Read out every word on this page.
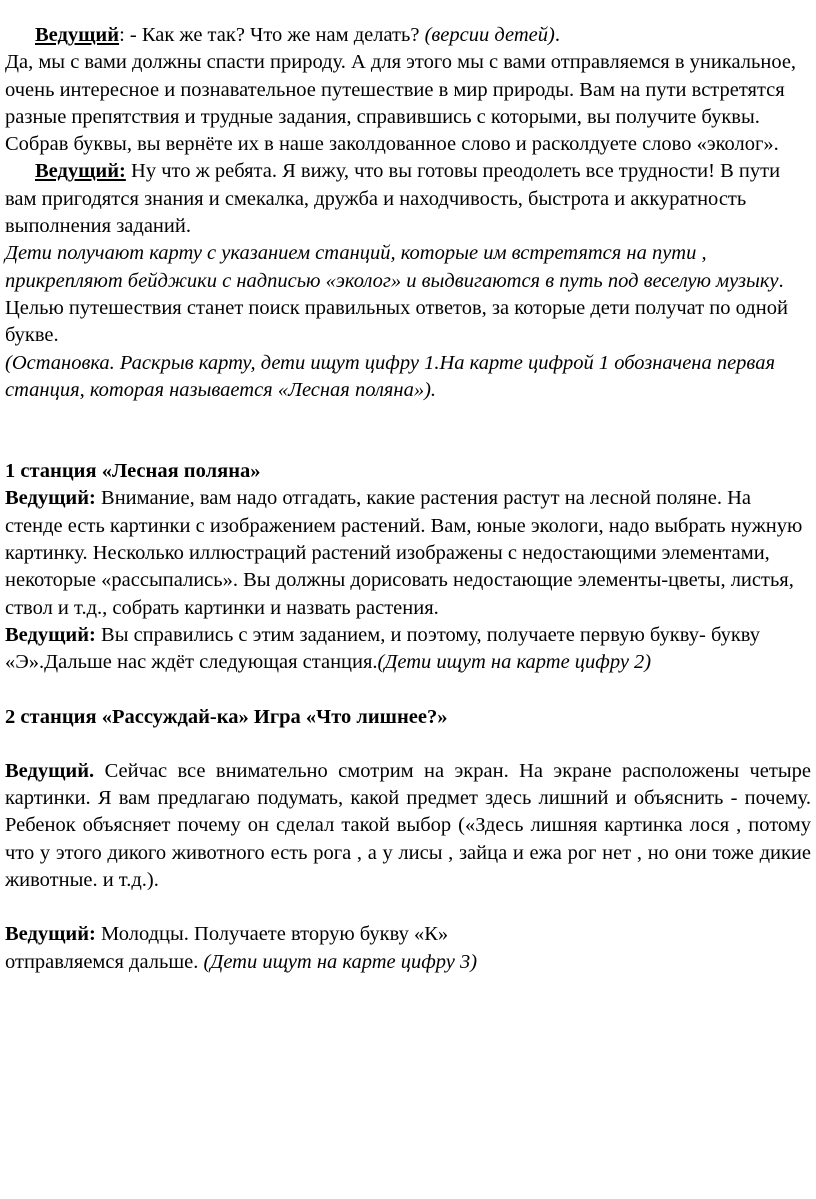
Ведущий: - Как же так? Что же нам делать? (версии детей).

Да, мы с вами должны спасти природу. А для этого мы с вами отправляемся в уникальное, очень интересное и познавательное путешествие в мир природы. Вам на пути встретятся разные препятствия и трудные задания, справившись с которыми, вы получите буквы. Собрав буквы, вы вернёте их в наше заколдованное слово и расколдуете слово «эколог».

Ведущий: Ну что ж ребята. Я вижу, что вы готовы преодолеть все трудности! В пути вам пригодятся знания и смекалка, дружба и находчивость, быстрота и аккуратность выполнения заданий.

Дети получают карту с указанием станций, которые им встретятся на пути , прикрепляют бейджики с надписью «эколог» и выдвигаются в путь под веселую музыку. Целью путешествия станет поиск правильных ответов, за которые дети получат по одной букве.

(Остановка. Раскрыв карту, дети ищут цифру 1.На карте цифрой 1 обозначена первая станция, которая называется «Лесная поляна»).

1 станция «Лесная поляна»

Ведущий: Внимание, вам надо отгадать, какие растения растут на лесной поляне. На стенде есть картинки с изображением растений. Вам, юные экологи, надо выбрать нужную картинку. Несколько иллюстраций растений изображены с недостающими элементами, некоторые «рассыпались». Вы должны дорисовать недостающие элементы-цветы, листья, ствол и т.д., собрать картинки и назвать растения.

Ведущий: Вы справились с этим заданием, и поэтому, получаете первую букву- букву «Э».Дальше нас ждёт следующая станция.(Дети ищут на карте цифру 2)

2 станция «Рассуждай-ка» Игра «Что лишнее?»

Ведущий. Сейчас все внимательно смотрим на экран. На экране расположены четыре картинки. Я вам предлагаю подумать, какой предмет здесь лишний и объяснить - почему. Ребенок объясняет почему он сделал такой выбор («Здесь лишняя картинка лося , потому что у этого дикого животного есть рога , а у лисы , зайца и ежа рог нет , но они тоже дикие животные. и т.д.).

Ведущий: Молодцы. Получаете вторую букву «К»
отправляемся дальше. (Дети ищут на карте цифру 3)
